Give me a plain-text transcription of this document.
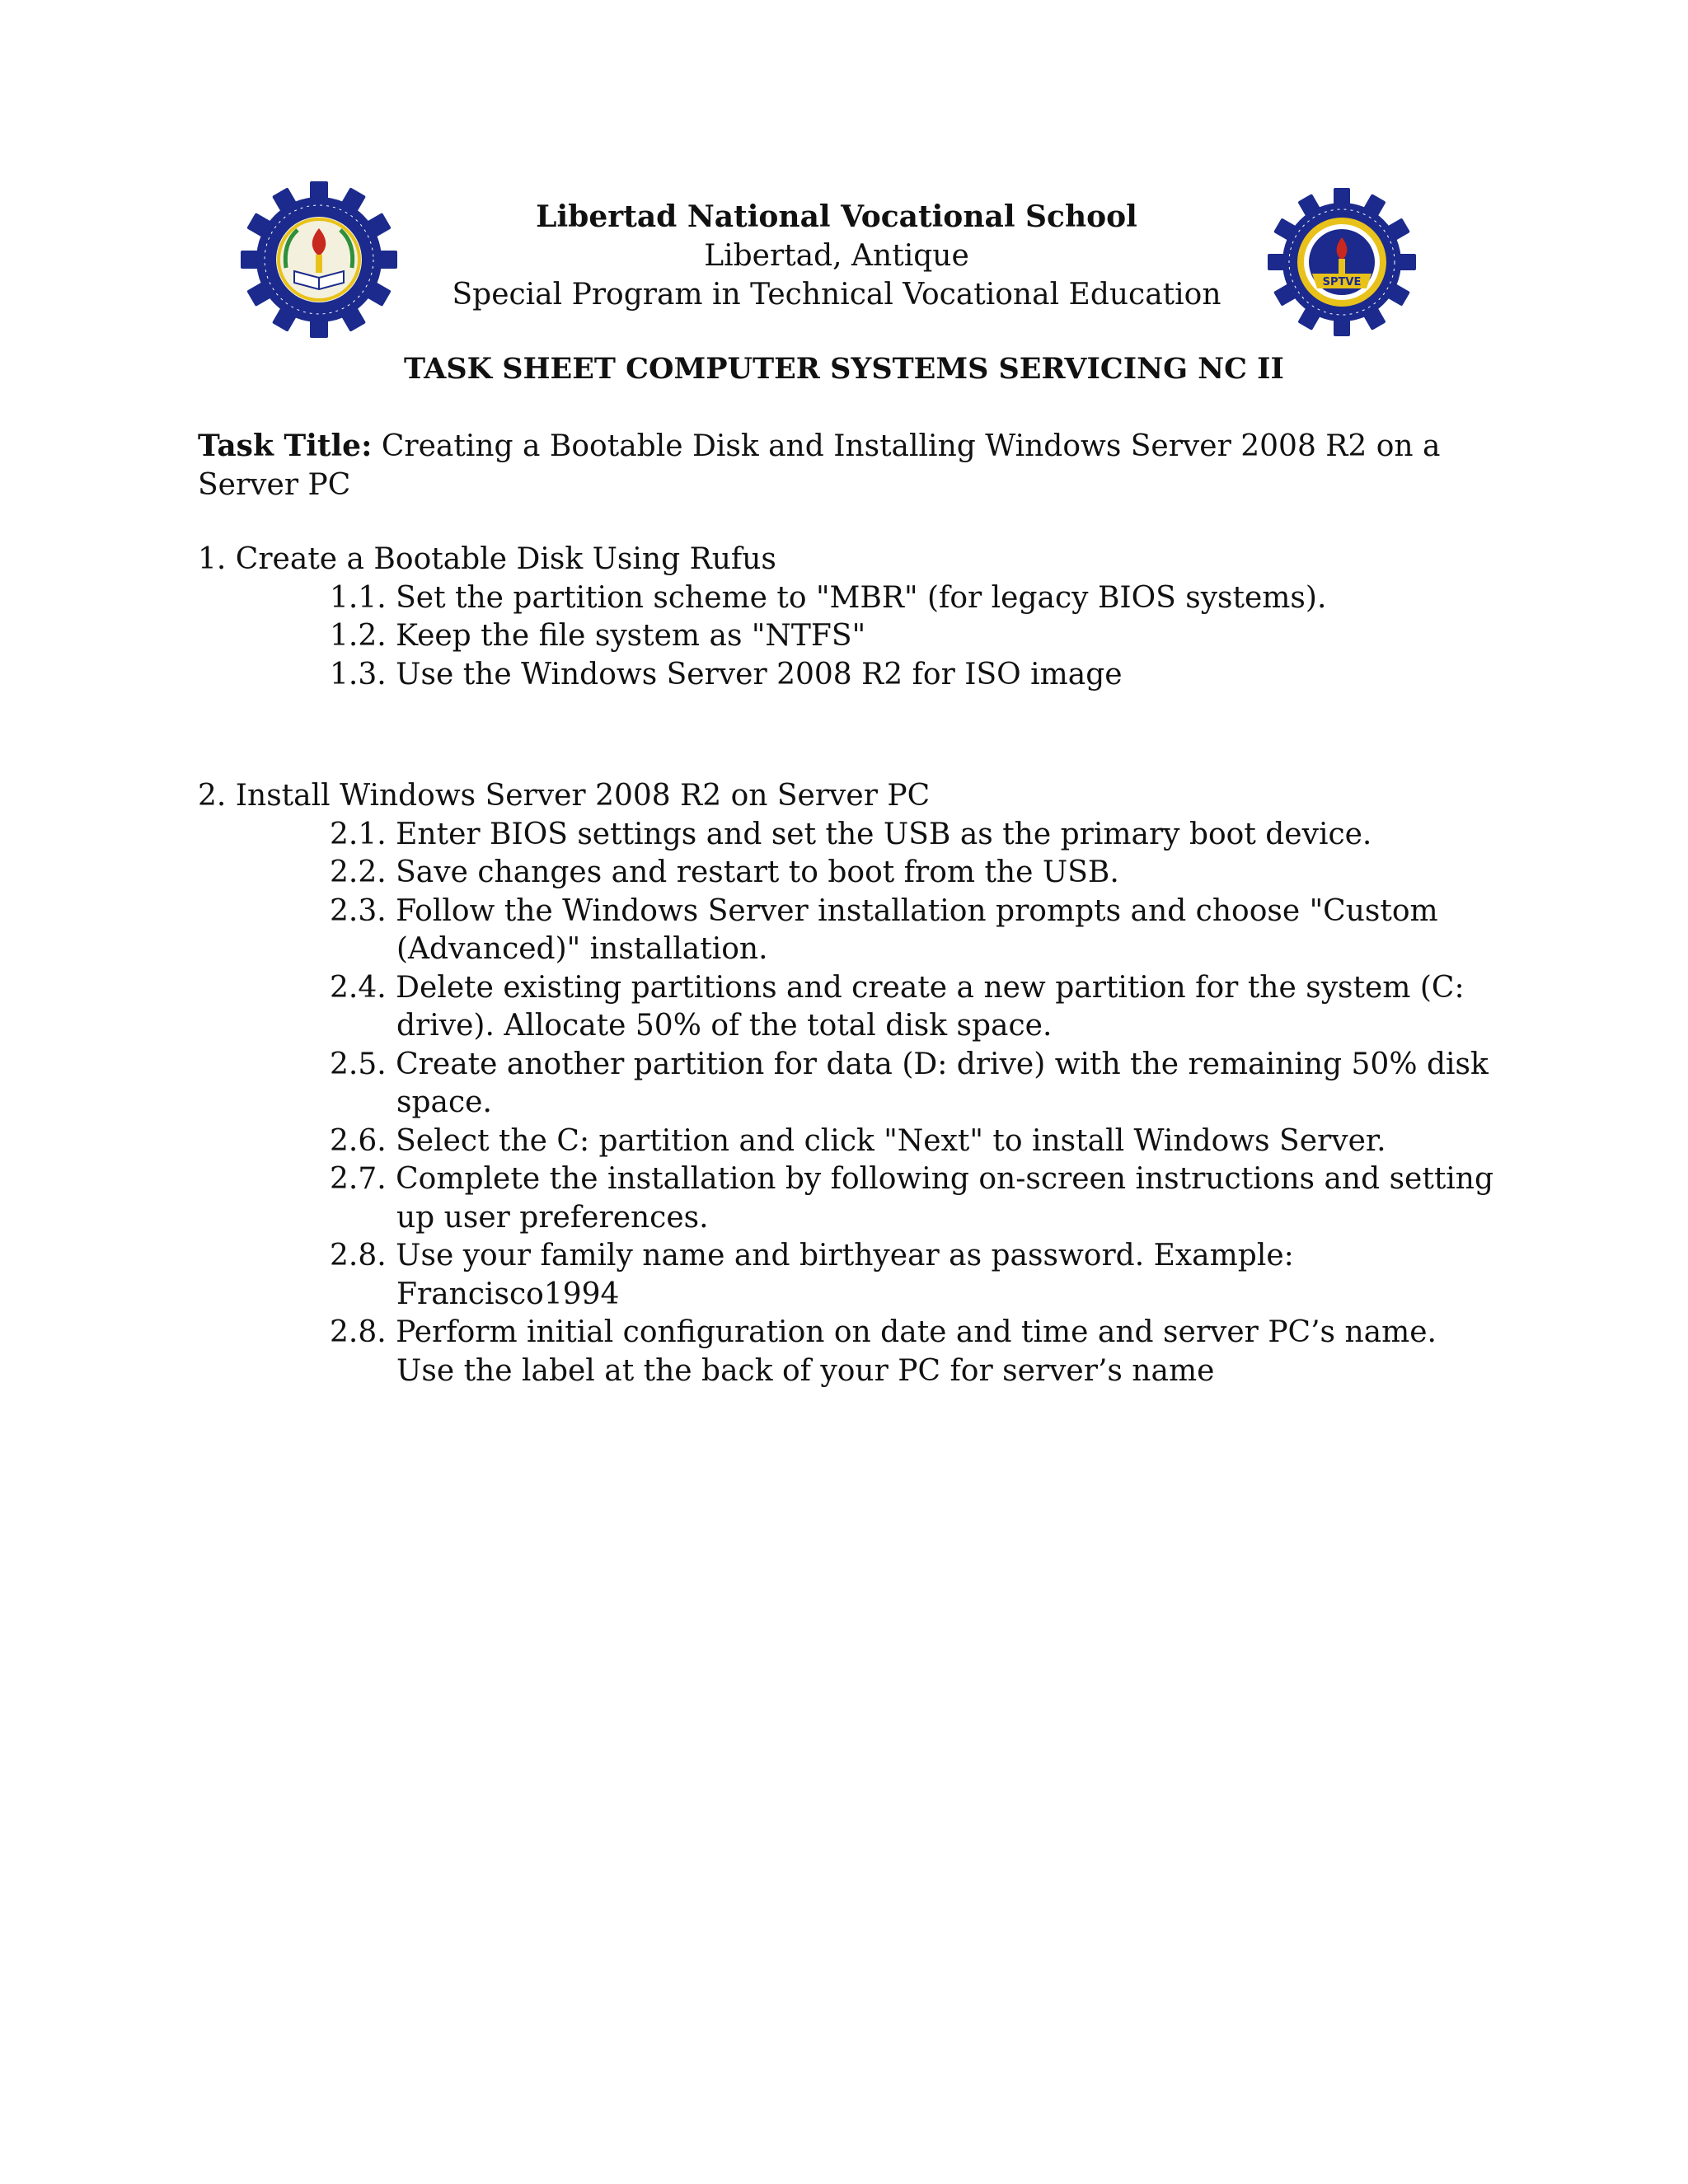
SPTVE
Libertad National Vocational School
Libertad, Antique
Special Program in Technical Vocational Education
TASK SHEET COMPUTER SYSTEMS SERVICING NC II
Task Title: Creating a Bootable Disk and Installing Windows Server 2008 R2 on a Server PC

1. Create a Bootable Disk Using Rufus

1.1. Set the partition scheme to "MBR" (for legacy BIOS systems).

1.2. Keep the file system as "NTFS"

1.3. Use the Windows Server 2008 R2 for ISO image

2. Install Windows Server 2008 R2 on Server PC

2.1. Enter BIOS settings and set the USB as the primary boot device.

2.2. Save changes and restart to boot from the USB.

2.3. Follow the Windows Server installation prompts and choose "Custom (Advanced)" installation.

2.4. Delete existing partitions and create a new partition for the system (C: drive). Allocate 50% of the total disk space.

2.5. Create another partition for data (D: drive) with the remaining 50% disk space.

2.6. Select the C: partition and click "Next" to install Windows Server.

2.7. Complete the installation by following on-screen instructions and setting up user preferences.

2.8. Use your family name and birthyear as password. Example: Francisco1994

2.8. Perform initial configuration on date and time and server PC’s name. Use the label at the back of your PC for server’s name
